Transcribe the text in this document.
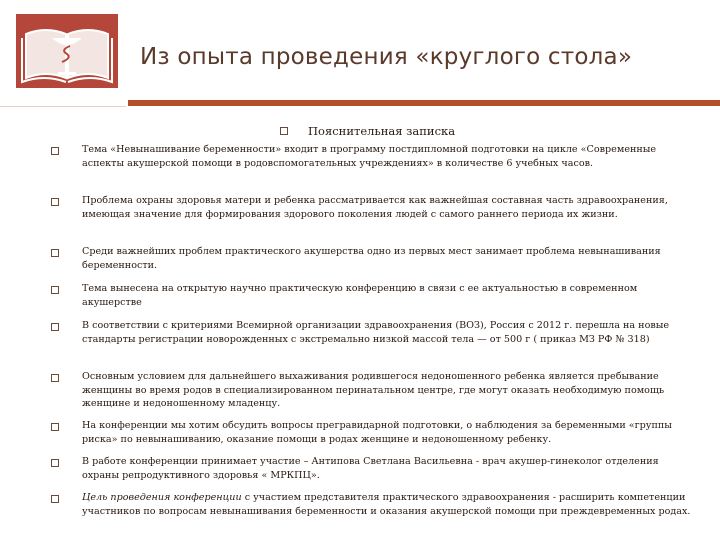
Из опыта проведения «круглого стола»
Пояснительная записка
Тема «Невынашивание беременности» входит в программу постдипломной подготовки на цикле «Современные аспекты акушерской помощи в родовспомогательных учреждениях» в количестве 6 учебных часов.
Проблема охраны здоровья матери и ребенка рассматривается как важнейшая составная часть здравоохранения, имеющая значение для формирования здорового поколения людей с самого раннего периода их жизни.
Среди важнейших проблем практического акушерства одно из первых мест занимает проблема невынашивания беременности.
Тема вынесена на открытую научно практическую конференцию в связи с ее актуальностью в современном акушерстве
В соответствии с критериями Всемирной организации здравоохранения (ВОЗ), Россия с 2012 г. перешла на новые стандарты регистрации новорожденных с экстремально низкой массой тела — от 500 г ( приказ МЗ РФ № 318)
Основным условием для дальнейшего выхаживания родившегося недоношенного ребенка является пребывание женщины во время родов в специализированном перинатальном центре, где могут оказать необходимую помощь женщине и недоношенному младенцу.
На конференции мы хотим обсудить вопросы прегравидарной подготовки, о наблюдения за беременными «группы риска» по невынашиванию, оказание помощи в родах женщине и недоношенному ребенку.
В работе конференции принимает участие – Антипова Светлана Васильевна - врач акушер-гинеколог отделения охраны репродуктивного здоровья « МРКПЦ».
Цель проведения конференции с участием представителя практического здравоохранения - расширить компетенции участников по вопросам невынашивания беременности и оказания акушерской помощи при преждевременных родах.
